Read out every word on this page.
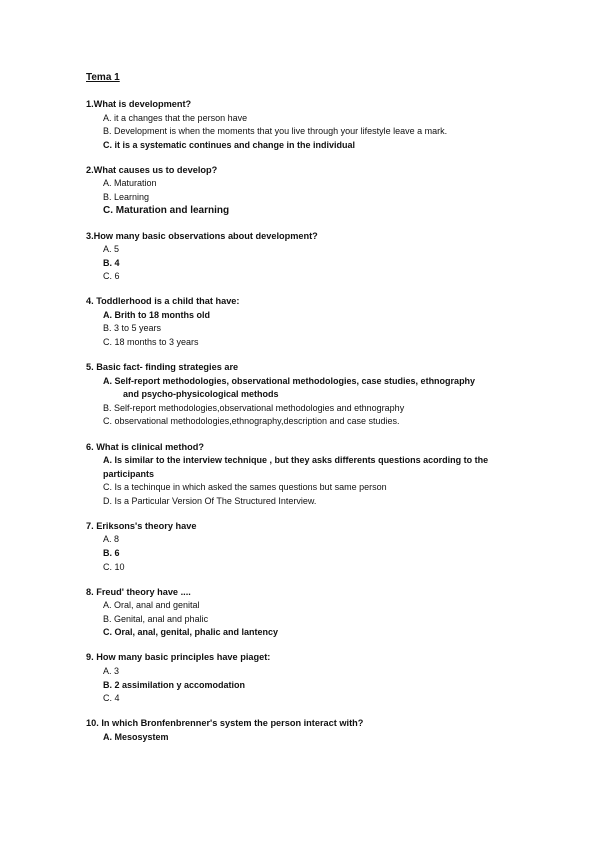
Tema 1

1.What is development?

A. it a changes that the person have
B. Development is when the moments that you live through your lifestyle leave a mark.
C. it is a systematic continues and change in the individual

2.What causes us to develop?

A. Maturation
B. Learning
C. Maturation and learning

3.How many basic observations about development?

A. 5
B. 4
C. 6

4. Toddlerhood is a child that have:

A. Brith to 18 months old
B. 3 to 5 years
C. 18 months to 3 years

5. Basic fact- finding strategies are

A. Self-report methodologies, observational methodologies, case studies, ethnography
and psycho-physicological methods
B. Self-report methodologies,observational methodologies and ethnography
C. observational methodologies,ethnography,description and case studies.

6. What is clinical method?

A. Is similar to the interview technique , but they asks differents questions acording to the participants
C. Is a techinque in which asked the sames questions but same person
D. Is a Particular Version Of The Structured Interview.

7. Eriksons's theory have

A. 8
B. 6
C. 10

8. Freud' theory have ....

A. Oral, anal and genital
B. Genital, anal and phalic
C. Oral, anal, genital, phalic and lantency

9. How many basic principles have piaget:

A. 3
B. 2 assimilation y accomodation
C. 4

10. In which Bronfenbrenner's system the person interact with?

A. Mesosystem
